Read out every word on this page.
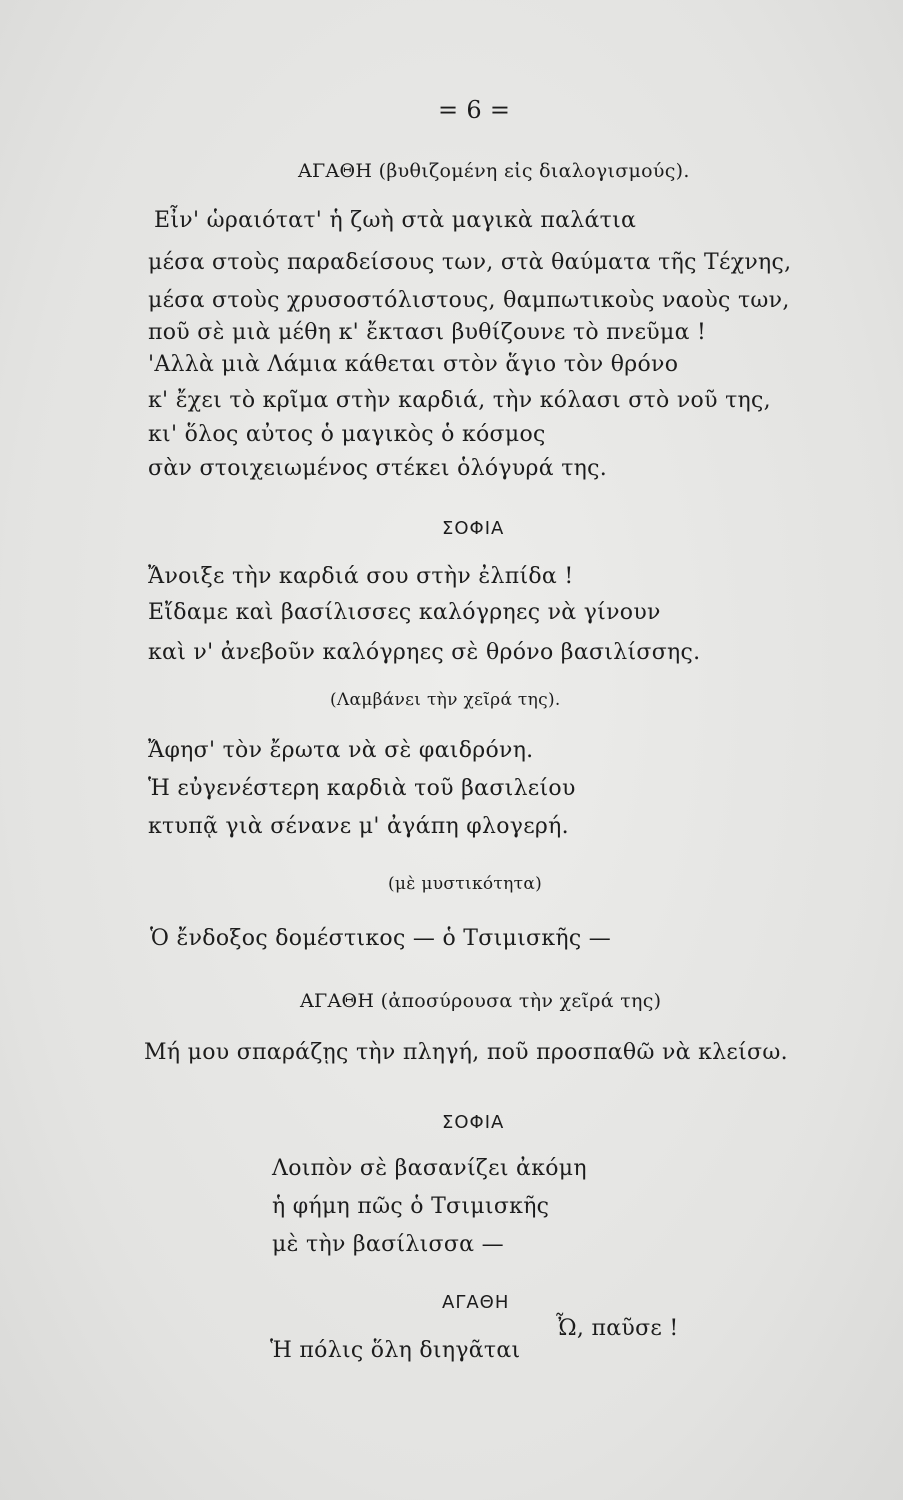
= 6 =
ΑΓΑΘΗ (βυθιζομένη εἰς διαλογισμούς).
Εἶν' ὡραιότατ' ἡ ζωὴ στὰ μαγικὰ παλάτια
μέσα στοὺς παραδείσους των, στὰ θαύματα τῆς Τέχνης,
μέσα στοὺς χρυσοστόλιστους, θαμπωτικοὺς ναοὺς των,
ποῦ σὲ μιὰ μέθη κ' ἔκτασι βυθίζουνε τὸ πνεῦμα !
'Αλλὰ μιὰ Λάμια κάθεται στὸν ἅγιο τὸν θρόνο
κ' ἔχει τὸ κρῖμα στὴν καρδιά, τὴν κόλασι στὸ νοῦ της,
κι' ὅλος αὐτος ὁ μαγικὸς ὁ κόσμος
σὰν στοιχειωμένος στέκει ὁλόγυρά της.
ΣΟΦΙΑ
Ἄνοιξε τὴν καρδιά σου στὴν ἐλπίδα !
Εἴδαμε καὶ βασίλισσες καλόγρηες νὰ γίνουν
καὶ ν' ἀνεβοῦν καλόγρηες σὲ θρόνο βασιλίσσης.
(Λαμβάνει τὴν χεῖρά της).
Ἄφησ' τὸν ἔρωτα νὰ σὲ φαιδρόνη.
Ἡ εὐγενέστερη καρδιὰ τοῦ βασιλείου
κτυπᾷ γιὰ σένανε μ' ἀγάπη φλογερή.
(μὲ μυστικότητα)
Ὁ ἔνδοξος δομέστικος — ὁ Τσιμισκῆς —
ΑΓΑΘΗ (ἀποσύρουσα τὴν χεῖρά της)
Μή μου σπαράζῃς τὴν πληγή, ποῦ προσπαθῶ νὰ κλείσω.
ΣΟΦΙΑ
Λοιπὸν σὲ βασανίζει ἀκόμη
ἡ φήμη πῶς ὁ Τσιμισκῆς
μὲ τὴν βασίλισσα —
ΑΓΑΘΗ
Ὦ, παῦσε !
Ἡ πόλις ὅλη διηγᾶται
